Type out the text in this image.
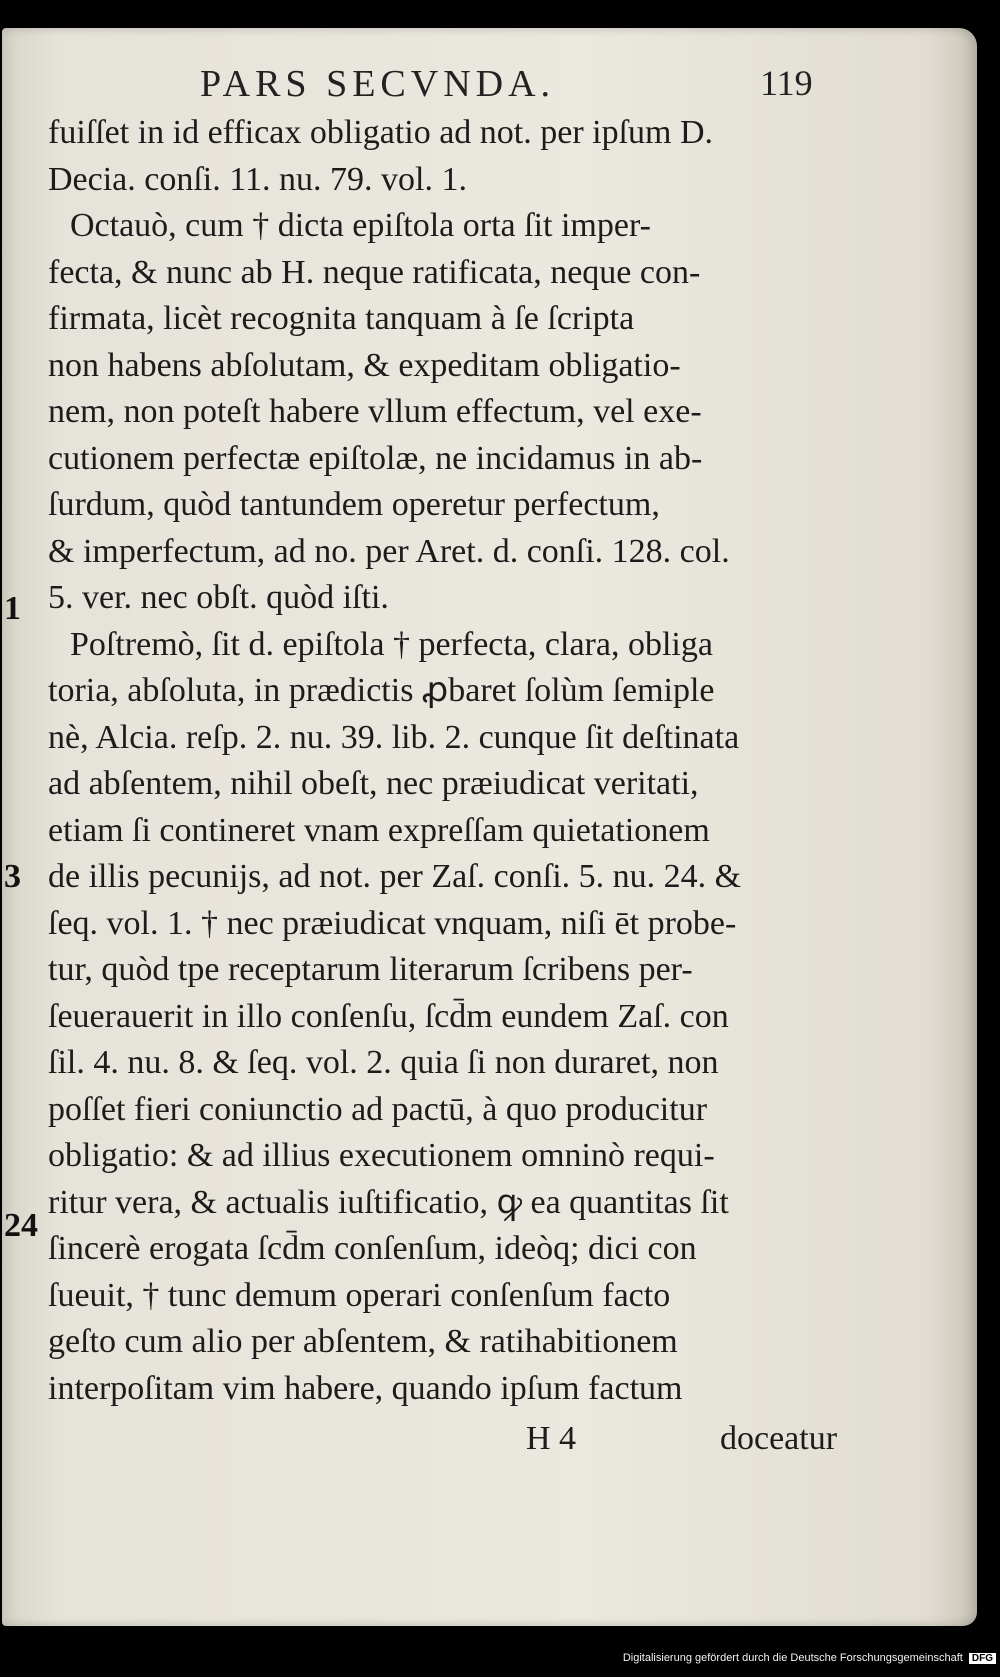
PARS SECVNDA.	119
1
3
24
fuiſſet in id efficax obligatio ad not. per ipſum D.
Decia. conſi. 11. nu. 79. vol. 1.
Octauò, cum † dicta epiſtola orta ſit imper-
fecta, & nunc ab H. neque ratificata, neque con-
firmata, licèt recognita tanquam à ſe ſcripta
non habens abſolutam, & expeditam obligatio-
nem, non poteſt habere vllum effectum, vel exe-
cutionem perfectæ epiſtolæ, ne incidamus in ab-
ſurdum, quòd tantundem operetur perfectum,
& imperfectum, ad no. per Aret. d. conſi. 128. col.
5. ver. nec obſt. quòd iſti.
Poſtremò, ſit d. epiſtola † perfecta, clara, obliga
toria, abſoluta, in prædictis ꝓbaret ſolùm ſemiple
nè, Alcia. reſp. 2. nu. 39. lib. 2. cunque ſit deſtinata
ad abſentem, nihil obeſt, nec præiudicat veritati,
etiam ſi contineret vnam expreſſam quietationem
de illis pecunijs, ad not. per Zaſ. conſi. 5. nu. 24. &
ſeq. vol. 1. † nec præiudicat vnquam, niſi ēt probe-
tur, quòd tpe receptarum literarum ſcribens per-
ſeuerauerit in illo conſenſu, ſcd̄m eundem Zaſ. con
ſil. 4. nu. 8. & ſeq. vol. 2. quia ſi non duraret, non
poſſet fieri coniunctio ad pactū, à quo producitur
obligatio: & ad illius executionem omninò requi-
ritur vera, & actualis iuſtificatio, ꝙ ea quantitas ſit
ſincerè erogata ſcd̄m conſenſum, ideòq; dici con
ſueuit, † tunc demum operari conſenſum facto
geſto cum alio per abſentem, & ratihabitionem
interpoſitam vim habere, quando ipſum factum
H 4	doceatur
Digitalisierung gefördert durch die Deutsche Forschungsgemeinschaft DFG
